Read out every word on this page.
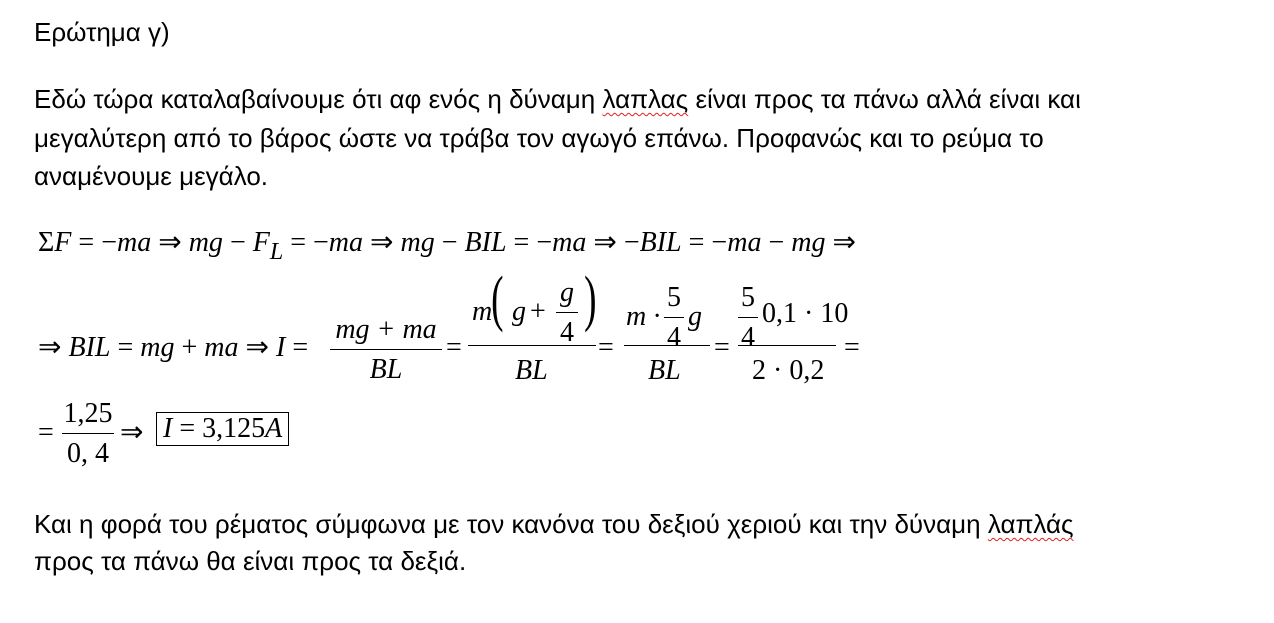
Ερώτημα γ)
Εδώ τώρα καταλαβαίνουμε ότι αφ ενός η δύναμη λαπλας είναι προς τα πάνω αλλά είναι και
μεγαλύτερη από το βάρος ώστε να τράβα τον αγωγό επάνω. Προφανώς και το ρεύμα το
αναμένουμε μεγάλο.
ΣF = −ma ⇒ mg − $F_L = -ma$ ⇒ mg − BIL = −ma ⇒ −BIL = −ma − mg ⇒
⇒ BIL = mg + ma ⇒ I =
mg + ma
BL
=
m
( g +
g
4 )
BL
=
m ·
5
4
g
BL
=
5
4
0,1 · 10
2 · 0,2
=
=
1,25
0, 4
⇒ I = 3,125A
Και η φορά του ρέματος σύμφωνα με τον κανόνα του δεξιού χεριού και την δύναμη λαπλάς
προς τα πάνω θα είναι προς τα δεξιά.
